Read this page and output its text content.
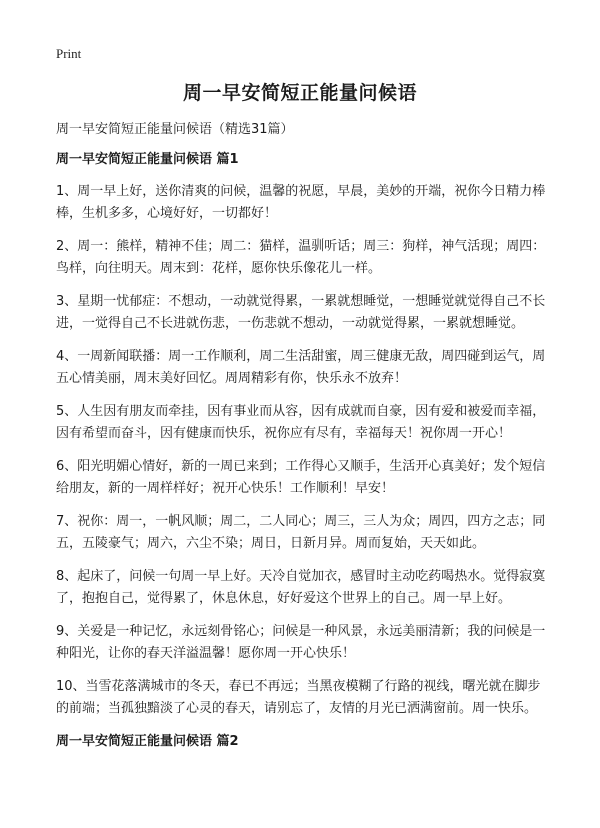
Print
周一早安简短正能量问候语

周一早安简短正能量问候语（精选31篇）

周一早安简短正能量问候语 篇1

1、周一早上好，送你清爽的问候，温馨的祝愿，早晨，美妙的开端，祝你今日精力棒棒，生机多多，心境好好，一切都好！

2、周一：熊样，精神不佳；周二：猫样，温驯听话；周三：狗样，神气活现；周四：鸟样，向往明天。周末到：花样，愿你快乐像花儿一样。

3、星期一忧郁症：不想动，一动就觉得累，一累就想睡觉，一想睡觉就觉得自己不长进，一觉得自己不长进就伤悲，一伤悲就不想动，一动就觉得累，一累就想睡觉。

4、一周新闻联播：周一工作顺利，周二生活甜蜜，周三健康无敌，周四碰到运气，周五心情美丽，周末美好回忆。周周精彩有你，快乐永不放弃！

5、人生因有朋友而牵挂，因有事业而从容，因有成就而自豪，因有爱和被爱而幸福，因有希望而奋斗，因有健康而快乐，祝你应有尽有，幸福每天！祝你周一开心！

6、阳光明媚心情好，新的一周已来到；工作得心又顺手，生活开心真美好；发个短信给朋友，新的一周样样好；祝开心快乐！工作顺利！早安！

7、祝你：周一，一帆风顺；周二，二人同心；周三，三人为众；周四，四方之志；同五，五陵豪气；周六，六尘不染；周日，日新月异。周而复始，天天如此。

8、起床了，问候一句周一早上好。天冷自觉加衣，感冒时主动吃药喝热水。觉得寂寞了，抱抱自己，觉得累了，休息休息，好好爱这个世界上的自己。周一早上好。

9、关爱是一种记忆，永远刻骨铭心；问候是一种风景，永远美丽清新；我的问候是一种阳光，让你的春天洋溢温馨！愿你周一开心快乐！

10、当雪花落满城市的冬天，春已不再远；当黑夜模糊了行路的视线，曙光就在脚步的前端；当孤独黯淡了心灵的春天，请别忘了，友情的月光已洒满窗前。周一快乐。

周一早安简短正能量问候语 篇2
